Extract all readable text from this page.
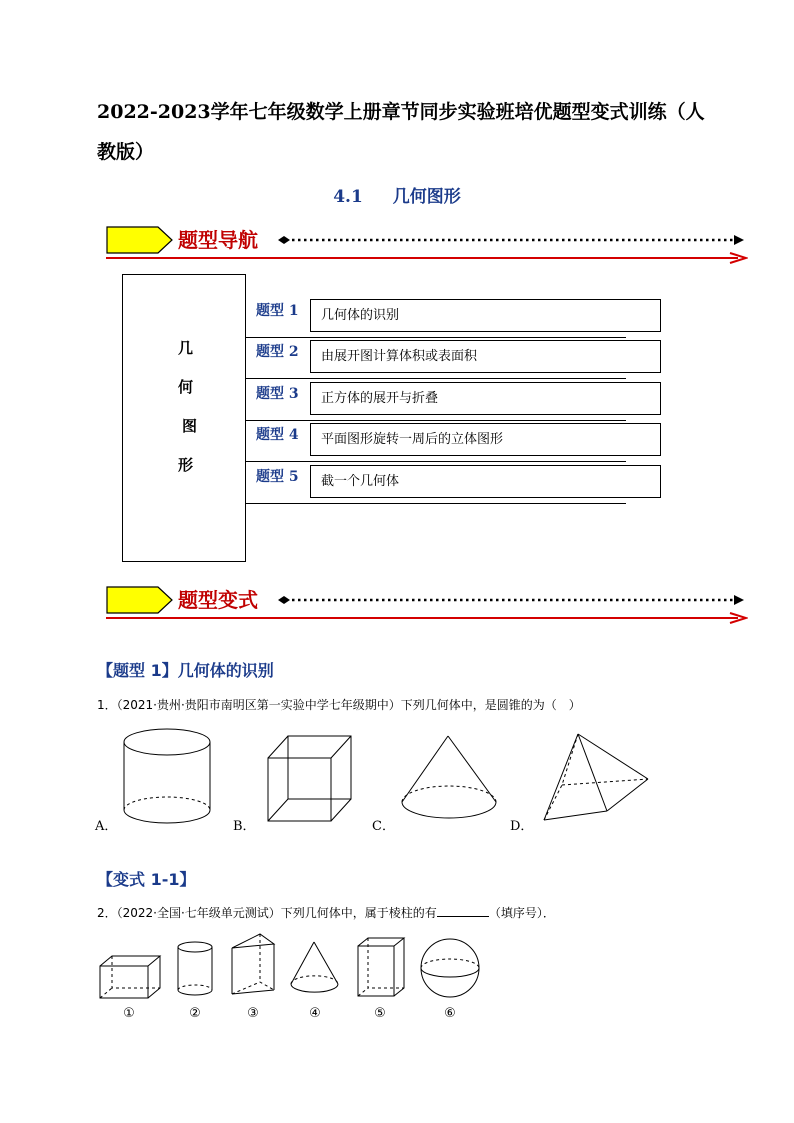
2022-2023学年七年级数学上册章节同步实验班培优题型变式训练（人教版）
4.1 几何图形
题型导航
几
何
图
形
题型 1	几何体的识别
题型 2	由展开图计算体积或表面积
题型 3	正方体的展开与折叠
题型 4	平面图形旋转一周后的立体图形
题型 5	截一个几何体
题型变式
【题型 1】几何体的识别
1．（2021·贵州·贵阳市南明区第一实验中学七年级期中）下列几何体中，是圆锥的为（　）
A．	B．	C．	D．
【变式 1-1】
2．（2022·全国·七年级单元测试）下列几何体中，属于棱柱的有	（填序号）．
①	②	③	④	⑤	⑥
